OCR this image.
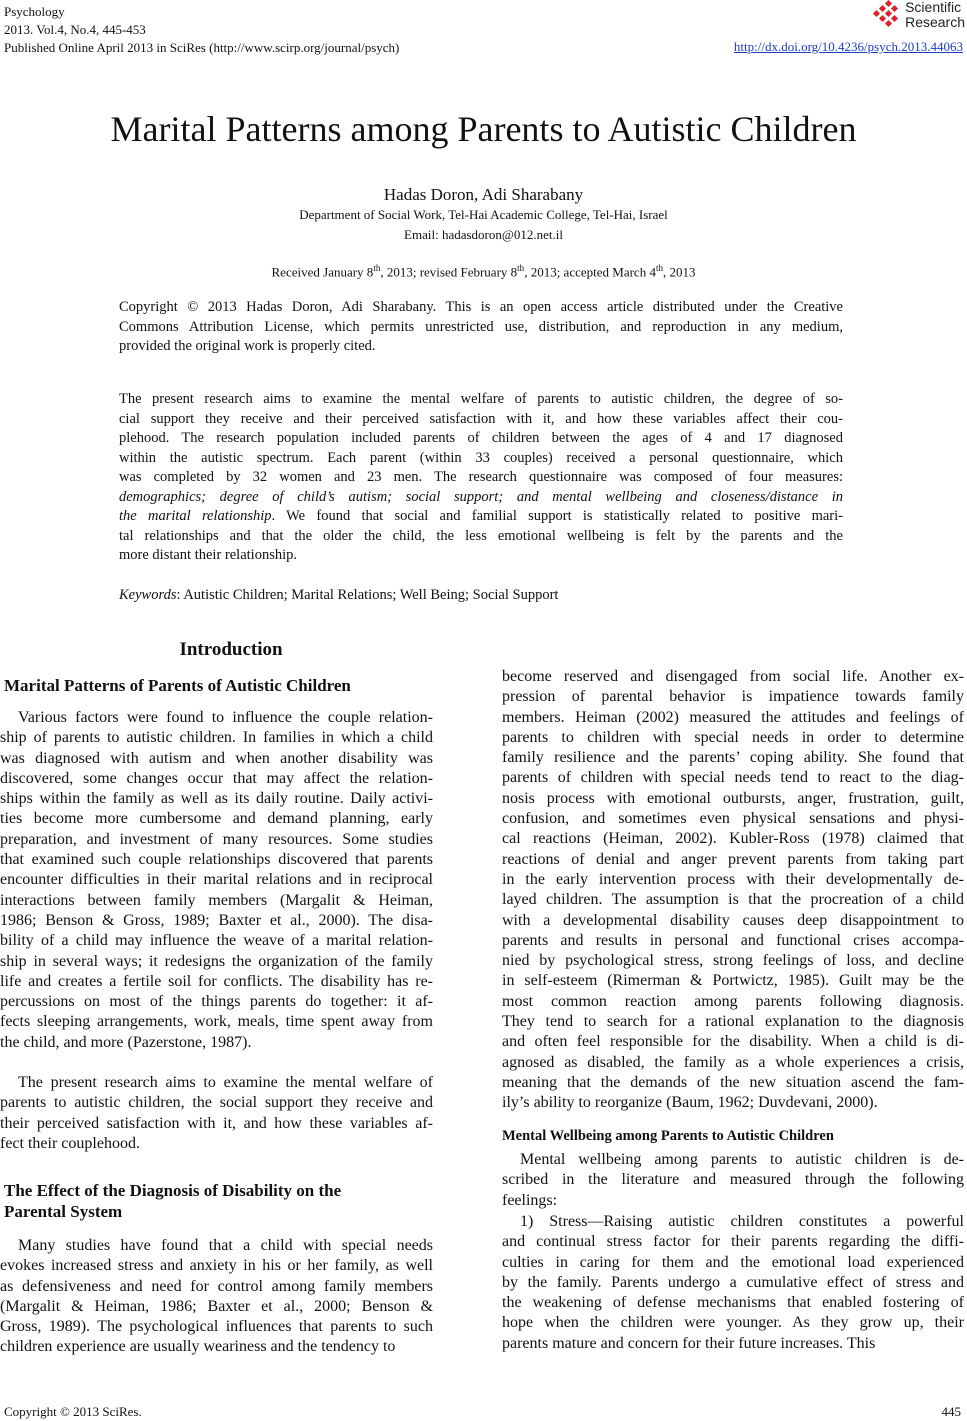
Psychology
2013. Vol.4, No.4, 445-453
Published Online April 2013 in SciRes (http://www.scirp.org/journal/psych)
Scientific
Research
http://dx.doi.org/10.4236/psych.2013.44063
Marital Patterns among Parents to Autistic Children
Hadas Doron, Adi Sharabany
Department of Social Work, Tel-Hai Academic College, Tel-Hai, Israel
Email: hadasdoron@012.net.il
Received January 8th, 2013; revised February 8th, 2013; accepted March 4th, 2013
Copyright © 2013 Hadas Doron, Adi Sharabany. This is an open access article distributed under the Creative
Commons Attribution License, which permits unrestricted use, distribution, and reproduction in any medium,
provided the original work is properly cited.
The present research aims to examine the mental welfare of parents to autistic children, the degree of so-
cial support they receive and their perceived satisfaction with it, and how these variables affect their cou-
plehood. The research population included parents of children between the ages of 4 and 17 diagnosed
within the autistic spectrum. Each parent (within 33 couples) received a personal questionnaire, which
was completed by 32 women and 23 men. The research questionnaire was composed of four measures:
demographics; degree of child’s autism; social support; and mental wellbeing and closeness/distance in
the marital relationship. We found that social and familial support is statistically related to positive mari-
tal relationships and that the older the child, the less emotional wellbeing is felt by the parents and the
more distant their relationship.
Keywords: Autistic Children; Marital Relations; Well Being; Social Support
Introduction
Marital Patterns of Parents of Autistic Children
Various factors were found to influence the couple relation-
ship of parents to autistic children. In families in which a child
was diagnosed with autism and when another disability was
discovered, some changes occur that may affect the relation-
ships within the family as well as its daily routine. Daily activi-
ties become more cumbersome and demand planning, early
preparation, and investment of many resources. Some studies
that examined such couple relationships discovered that parents
encounter difficulties in their marital relations and in reciprocal
interactions between family members (Margalit & Heiman,
1986; Benson & Gross, 1989; Baxter et al., 2000). The disa-
bility of a child may influence the weave of a marital relation-
ship in several ways; it redesigns the organization of the family
life and creates a fertile soil for conflicts. The disability has re-
percussions on most of the things parents do together: it af-
fects sleeping arrangements, work, meals, time spent away from
the child, and more (Pazerstone, 1987).
The present research aims to examine the mental welfare of
parents to autistic children, the social support they receive and
their perceived satisfaction with it, and how these variables af-
fect their couplehood.
The Effect of the Diagnosis of Disability on the
Parental System
Many studies have found that a child with special needs
evokes increased stress and anxiety in his or her family, as well
as defensiveness and need for control among family members
(Margalit & Heiman, 1986; Baxter et al., 2000; Benson &
Gross, 1989). The psychological influences that parents to such
children experience are usually weariness and the tendency to
become reserved and disengaged from social life. Another ex-
pression of parental behavior is impatience towards family
members. Heiman (2002) measured the attitudes and feelings of
parents to children with special needs in order to determine
family resilience and the parents’ coping ability. She found that
parents of children with special needs tend to react to the diag-
nosis process with emotional outbursts, anger, frustration, guilt,
confusion, and sometimes even physical sensations and physi-
cal reactions (Heiman, 2002). Kubler-Ross (1978) claimed that
reactions of denial and anger prevent parents from taking part
in the early intervention process with their developmentally de-
layed children. The assumption is that the procreation of a child
with a developmental disability causes deep disappointment to
parents and results in personal and functional crises accompa-
nied by psychological stress, strong feelings of loss, and decline
in self-esteem (Rimerman & Portwictz, 1985). Guilt may be the
most common reaction among parents following diagnosis.
They tend to search for a rational explanation to the diagnosis
and often feel responsible for the disability. When a child is di-
agnosed as disabled, the family as a whole experiences a crisis,
meaning that the demands of the new situation ascend the fam-
ily’s ability to reorganize (Baum, 1962; Duvdevani, 2000).
Mental Wellbeing among Parents to Autistic Children
Mental wellbeing among parents to autistic children is de-
scribed in the literature and measured through the following
feelings:
1) Stress—Raising autistic children constitutes a powerful
and continual stress factor for their parents regarding the diffi-
culties in caring for them and the emotional load experienced
by the family. Parents undergo a cumulative effect of stress and
the weakening of defense mechanisms that enabled fostering of
hope when the children were younger. As they grow up, their
parents mature and concern for their future increases. This
Copyright © 2013 SciRes.	445
